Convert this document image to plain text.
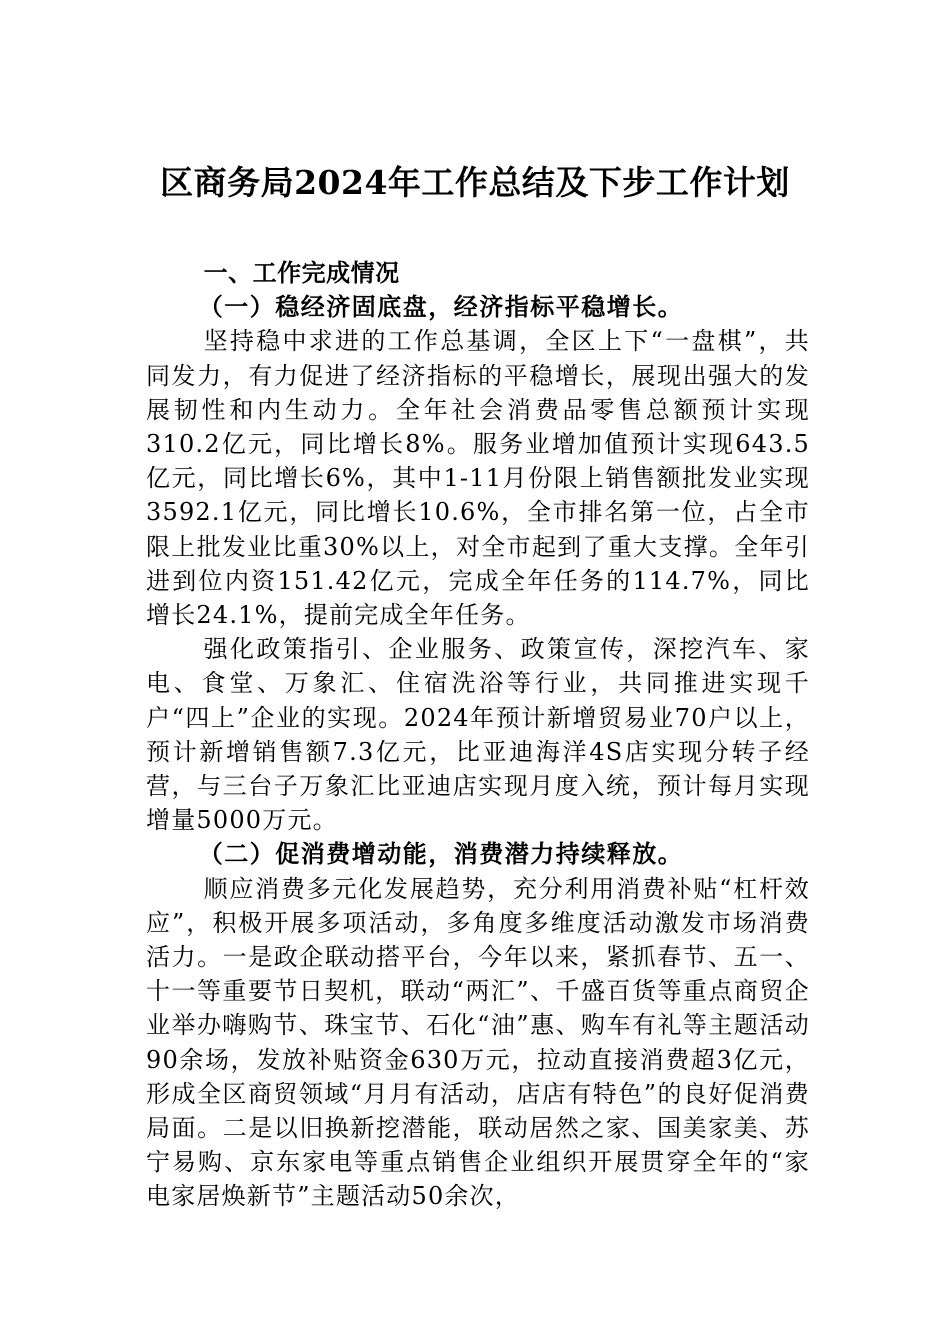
区商务局2024年工作总结及下步工作计划

一、工作完成情况

（一）稳经济固底盘，经济指标平稳增长。

坚持稳中求进的工作总基调，全区上下“一盘棋”，共同发力，有力促进了经济指标的平稳增长，展现出强大的发展韧性和内生动力。全年社会消费品零售总额预计实现310.2亿元，同比增长8%。服务业增加值预计实现643.5亿元，同比增长6%，其中1-11月份限上销售额批发业实现3592.1亿元，同比增长10.6%，全市排名第一位，占全市限上批发业比重30%以上，对全市起到了重大支撑。全年引进到位内资151.42亿元，完成全年任务的114.7%，同比增长24.1%，提前完成全年任务。

强化政策指引、企业服务、政策宣传，深挖汽车、家电、食堂、万象汇、住宿洗浴等行业，共同推进实现千户“四上”企业的实现。2024年预计新增贸易业70户以上，预计新增销售额7.3亿元，比亚迪海洋4S店实现分转子经营，与三台子万象汇比亚迪店实现月度入统，预计每月实现增量5000万元。

（二）促消费增动能，消费潜力持续释放。

顺应消费多元化发展趋势，充分利用消费补贴“杠杆效应”，积极开展多项活动，多角度多维度活动激发市场消费活力。一是政企联动搭平台，今年以来，紧抓春节、五一、十一等重要节日契机，联动“两汇”、千盛百货等重点商贸企业举办嗨购节、珠宝节、石化“油”惠、购车有礼等主题活动90余场，发放补贴资金630万元，拉动直接消费超3亿元，形成全区商贸领域“月月有活动，店店有特色”的良好促消费局面。二是以旧换新挖潜能，联动居然之家、国美家美、苏宁易购、京东家电等重点销售企业组织开展贯穿全年的“家电家居焕新节”主题活动50余次，
